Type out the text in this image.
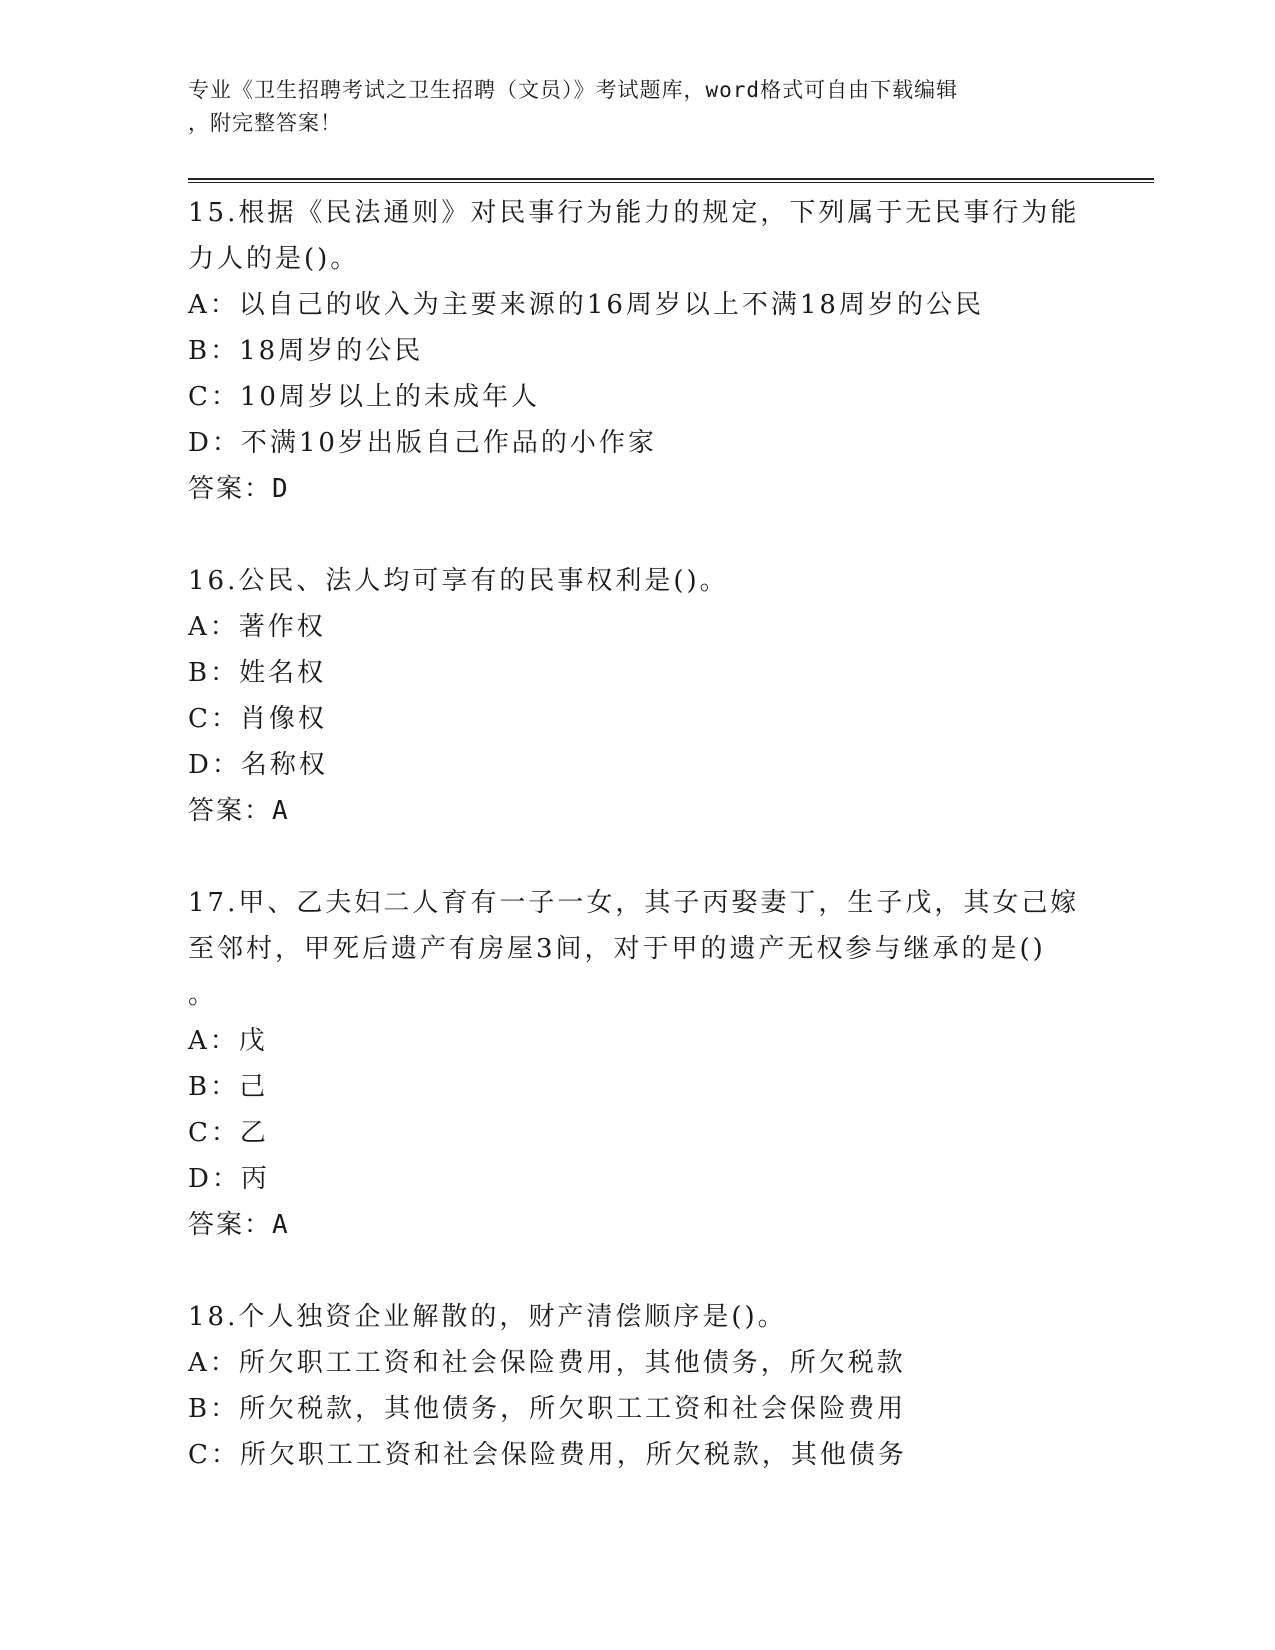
专业《卫生招聘考试之卫生招聘（文员）》考试题库，word格式可自由下载编辑
，附完整答案！
15.根据《民法通则》对民事行为能力的规定，下列属于无民事行为能
力人的是()。
A：以自己的收入为主要来源的16周岁以上不满18周岁的公民
B：18周岁的公民
C：10周岁以上的未成年人
D：不满10岁出版自己作品的小作家
答案：D
16.公民、法人均可享有的民事权利是()。
A：著作权
B：姓名权
C：肖像权
D：名称权
答案：A
17.甲、乙夫妇二人育有一子一女，其子丙娶妻丁，生子戊，其女己嫁
至邻村，甲死后遗产有房屋3间，对于甲的遗产无权参与继承的是()
。
A：戊
B：己
C：乙
D：丙
答案：A
18.个人独资企业解散的，财产清偿顺序是()。
A：所欠职工工资和社会保险费用，其他债务，所欠税款
B：所欠税款，其他债务，所欠职工工资和社会保险费用
C：所欠职工工资和社会保险费用，所欠税款，其他债务
